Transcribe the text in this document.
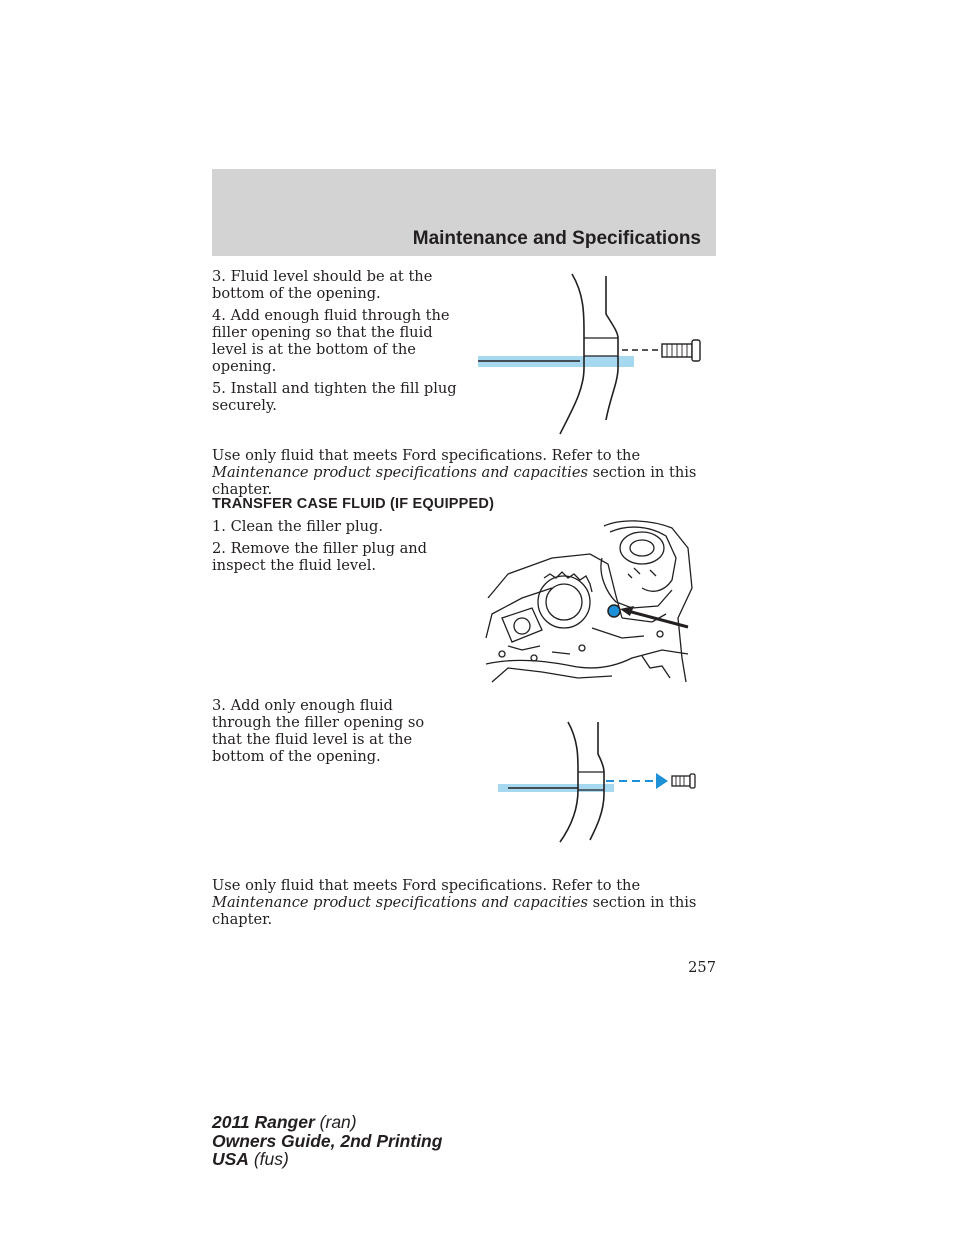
Maintenance and Specifications

3. Fluid level should be at the bottom of the opening.

4. Add enough fluid through the filler opening so that the fluid level is at the bottom of the opening.

5. Install and tighten the fill plug securely.

Use only fluid that meets Ford specifications. Refer to the Maintenance product specifications and capacities section in this chapter.

TRANSFER CASE FLUID (IF EQUIPPED)

1. Clean the filler plug.

2. Remove the filler plug and inspect the fluid level.

3. Add only enough fluid through the filler opening so that the fluid level is at the bottom of the opening.

Use only fluid that meets Ford specifications. Refer to the Maintenance product specifications and capacities section in this chapter.

257
2011 Ranger (ran)
Owners Guide, 2nd Printing
USA (fus)
